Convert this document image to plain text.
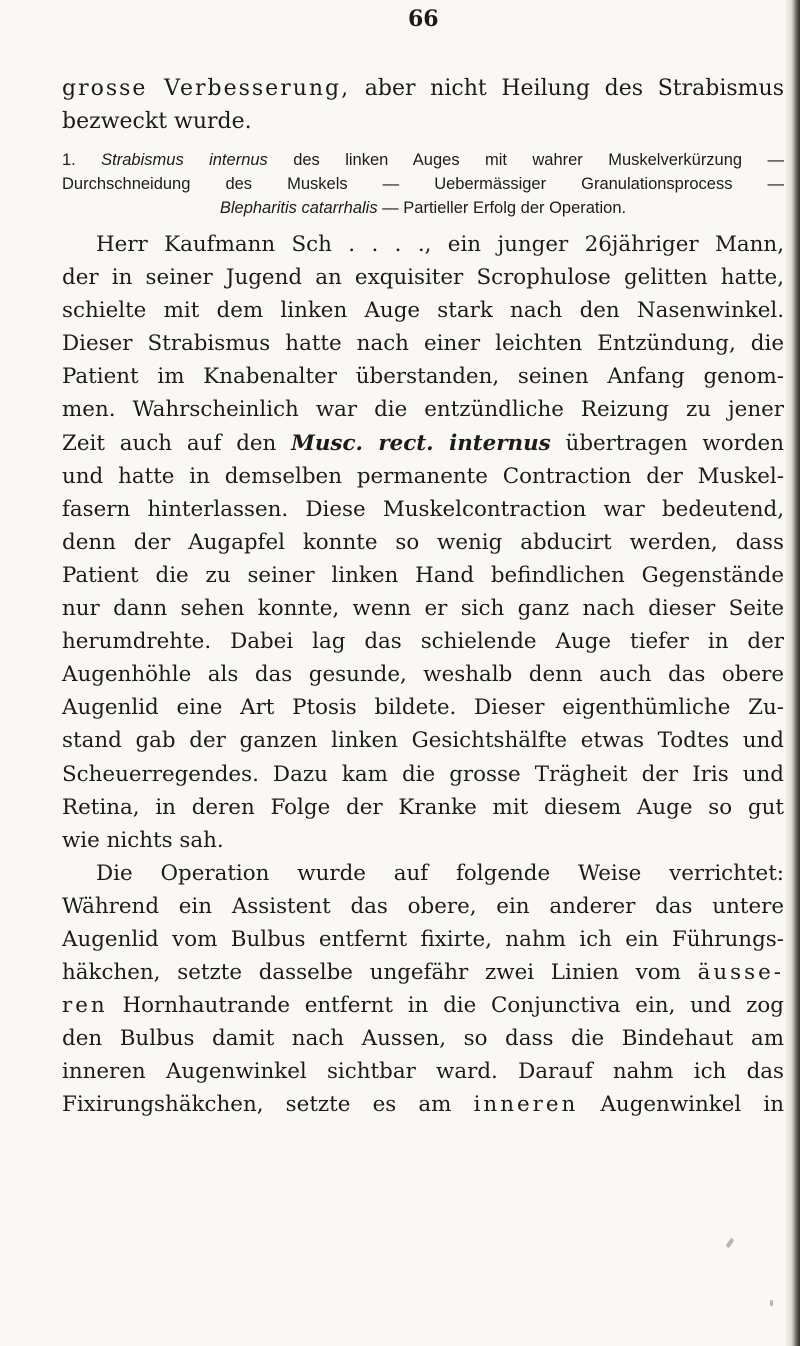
66
grosse Verbesserung, aber nicht Heilung des Strabismus
bezweckt wurde.
1. Strabismus internus des linken Auges mit wahrer Muskelverkürzung —
Durchschneidung des Muskels — Uebermässiger Granulationsprocess —
Blepharitis catarrhalis — Partieller Erfolg der Operation.
Herr Kaufmann Sch . . . ., ein junger 26jähriger Mann,
der in seiner Jugend an exquisiter Scrophulose gelitten hatte,
schielte mit dem linken Auge stark nach den Nasenwinkel.
Dieser Strabismus hatte nach einer leichten Entzündung, die
Patient im Knabenalter überstanden, seinen Anfang genom-
men. Wahrscheinlich war die entzündliche Reizung zu jener
Zeit auch auf den Musc. rect. internus übertragen worden
und hatte in demselben permanente Contraction der Muskel-
fasern hinterlassen. Diese Muskelcontraction war bedeutend,
denn der Augapfel konnte so wenig abducirt werden, dass
Patient die zu seiner linken Hand befindlichen Gegenstände
nur dann sehen konnte, wenn er sich ganz nach dieser Seite
herumdrehte. Dabei lag das schielende Auge tiefer in der
Augenhöhle als das gesunde, weshalb denn auch das obere
Augenlid eine Art Ptosis bildete. Dieser eigenthümliche Zu-
stand gab der ganzen linken Gesichtshälfte etwas Todtes und
Scheuerregendes. Dazu kam die grosse Trägheit der Iris und
Retina, in deren Folge der Kranke mit diesem Auge so gut
wie nichts sah.
Die Operation wurde auf folgende Weise verrichtet:
Während ein Assistent das obere, ein anderer das untere
Augenlid vom Bulbus entfernt fixirte, nahm ich ein Führungs-
häkchen, setzte dasselbe ungefähr zwei Linien vom äusse-
ren Hornhautrande entfernt in die Conjunctiva ein, und zog
den Bulbus damit nach Aussen, so dass die Bindehaut am
inneren Augenwinkel sichtbar ward. Darauf nahm ich das
Fixirungshäkchen, setzte es am inneren Augenwinkel in
